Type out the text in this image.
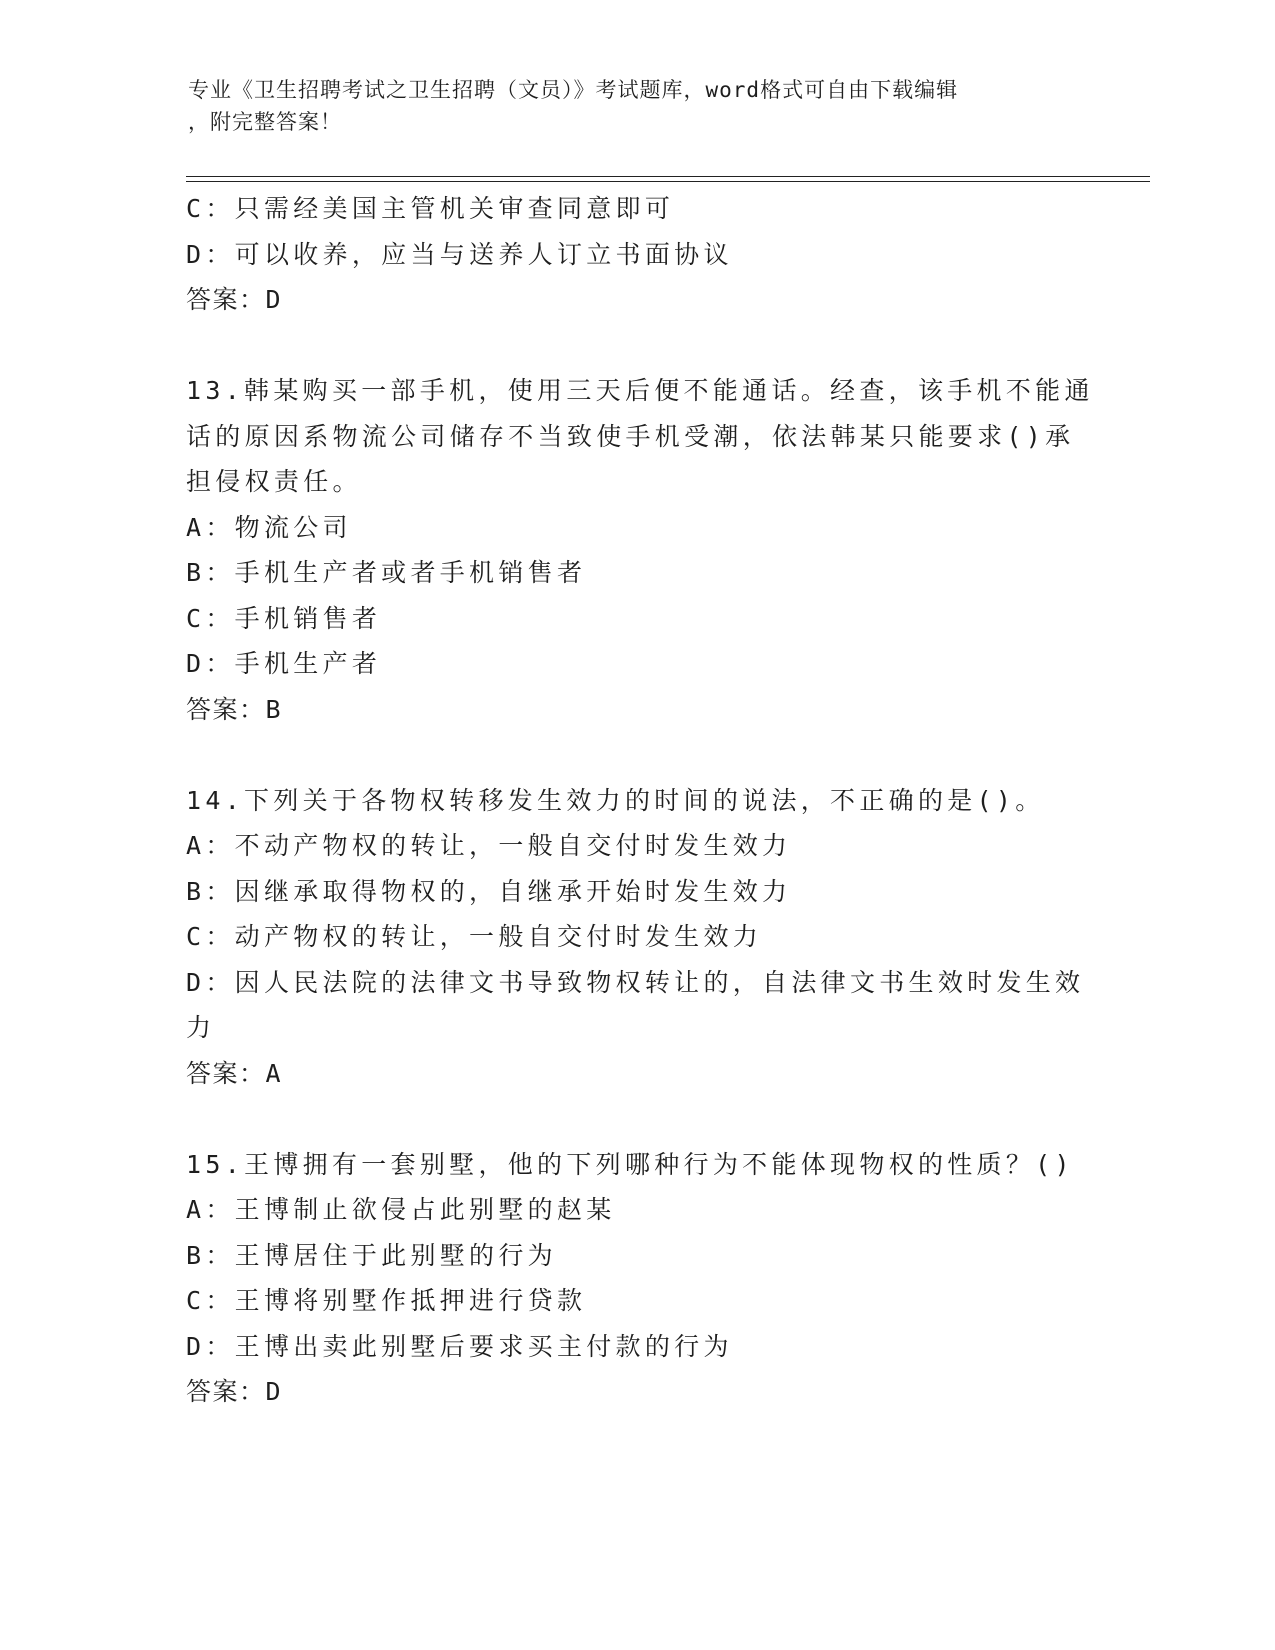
专业《卫生招聘考试之卫生招聘（文员）》考试题库，word格式可自由下载编辑
，附完整答案！
C：只需经美国主管机关审查同意即可
D：可以收养，应当与送养人订立书面协议
答案：D
13.韩某购买一部手机，使用三天后便不能通话。经查，该手机不能通
话的原因系物流公司储存不当致使手机受潮，依法韩某只能要求()承
担侵权责任。
A：物流公司
B：手机生产者或者手机销售者
C：手机销售者
D：手机生产者
答案：B
14.下列关于各物权转移发生效力的时间的说法，不正确的是()。
A：不动产物权的转让，一般自交付时发生效力
B：因继承取得物权的，自继承开始时发生效力
C：动产物权的转让，一般自交付时发生效力
D：因人民法院的法律文书导致物权转让的，自法律文书生效时发生效
力
答案：A
15.王博拥有一套别墅，他的下列哪种行为不能体现物权的性质？()
A：王博制止欲侵占此别墅的赵某
B：王博居住于此别墅的行为
C：王博将别墅作抵押进行贷款
D：王博出卖此别墅后要求买主付款的行为
答案：D
